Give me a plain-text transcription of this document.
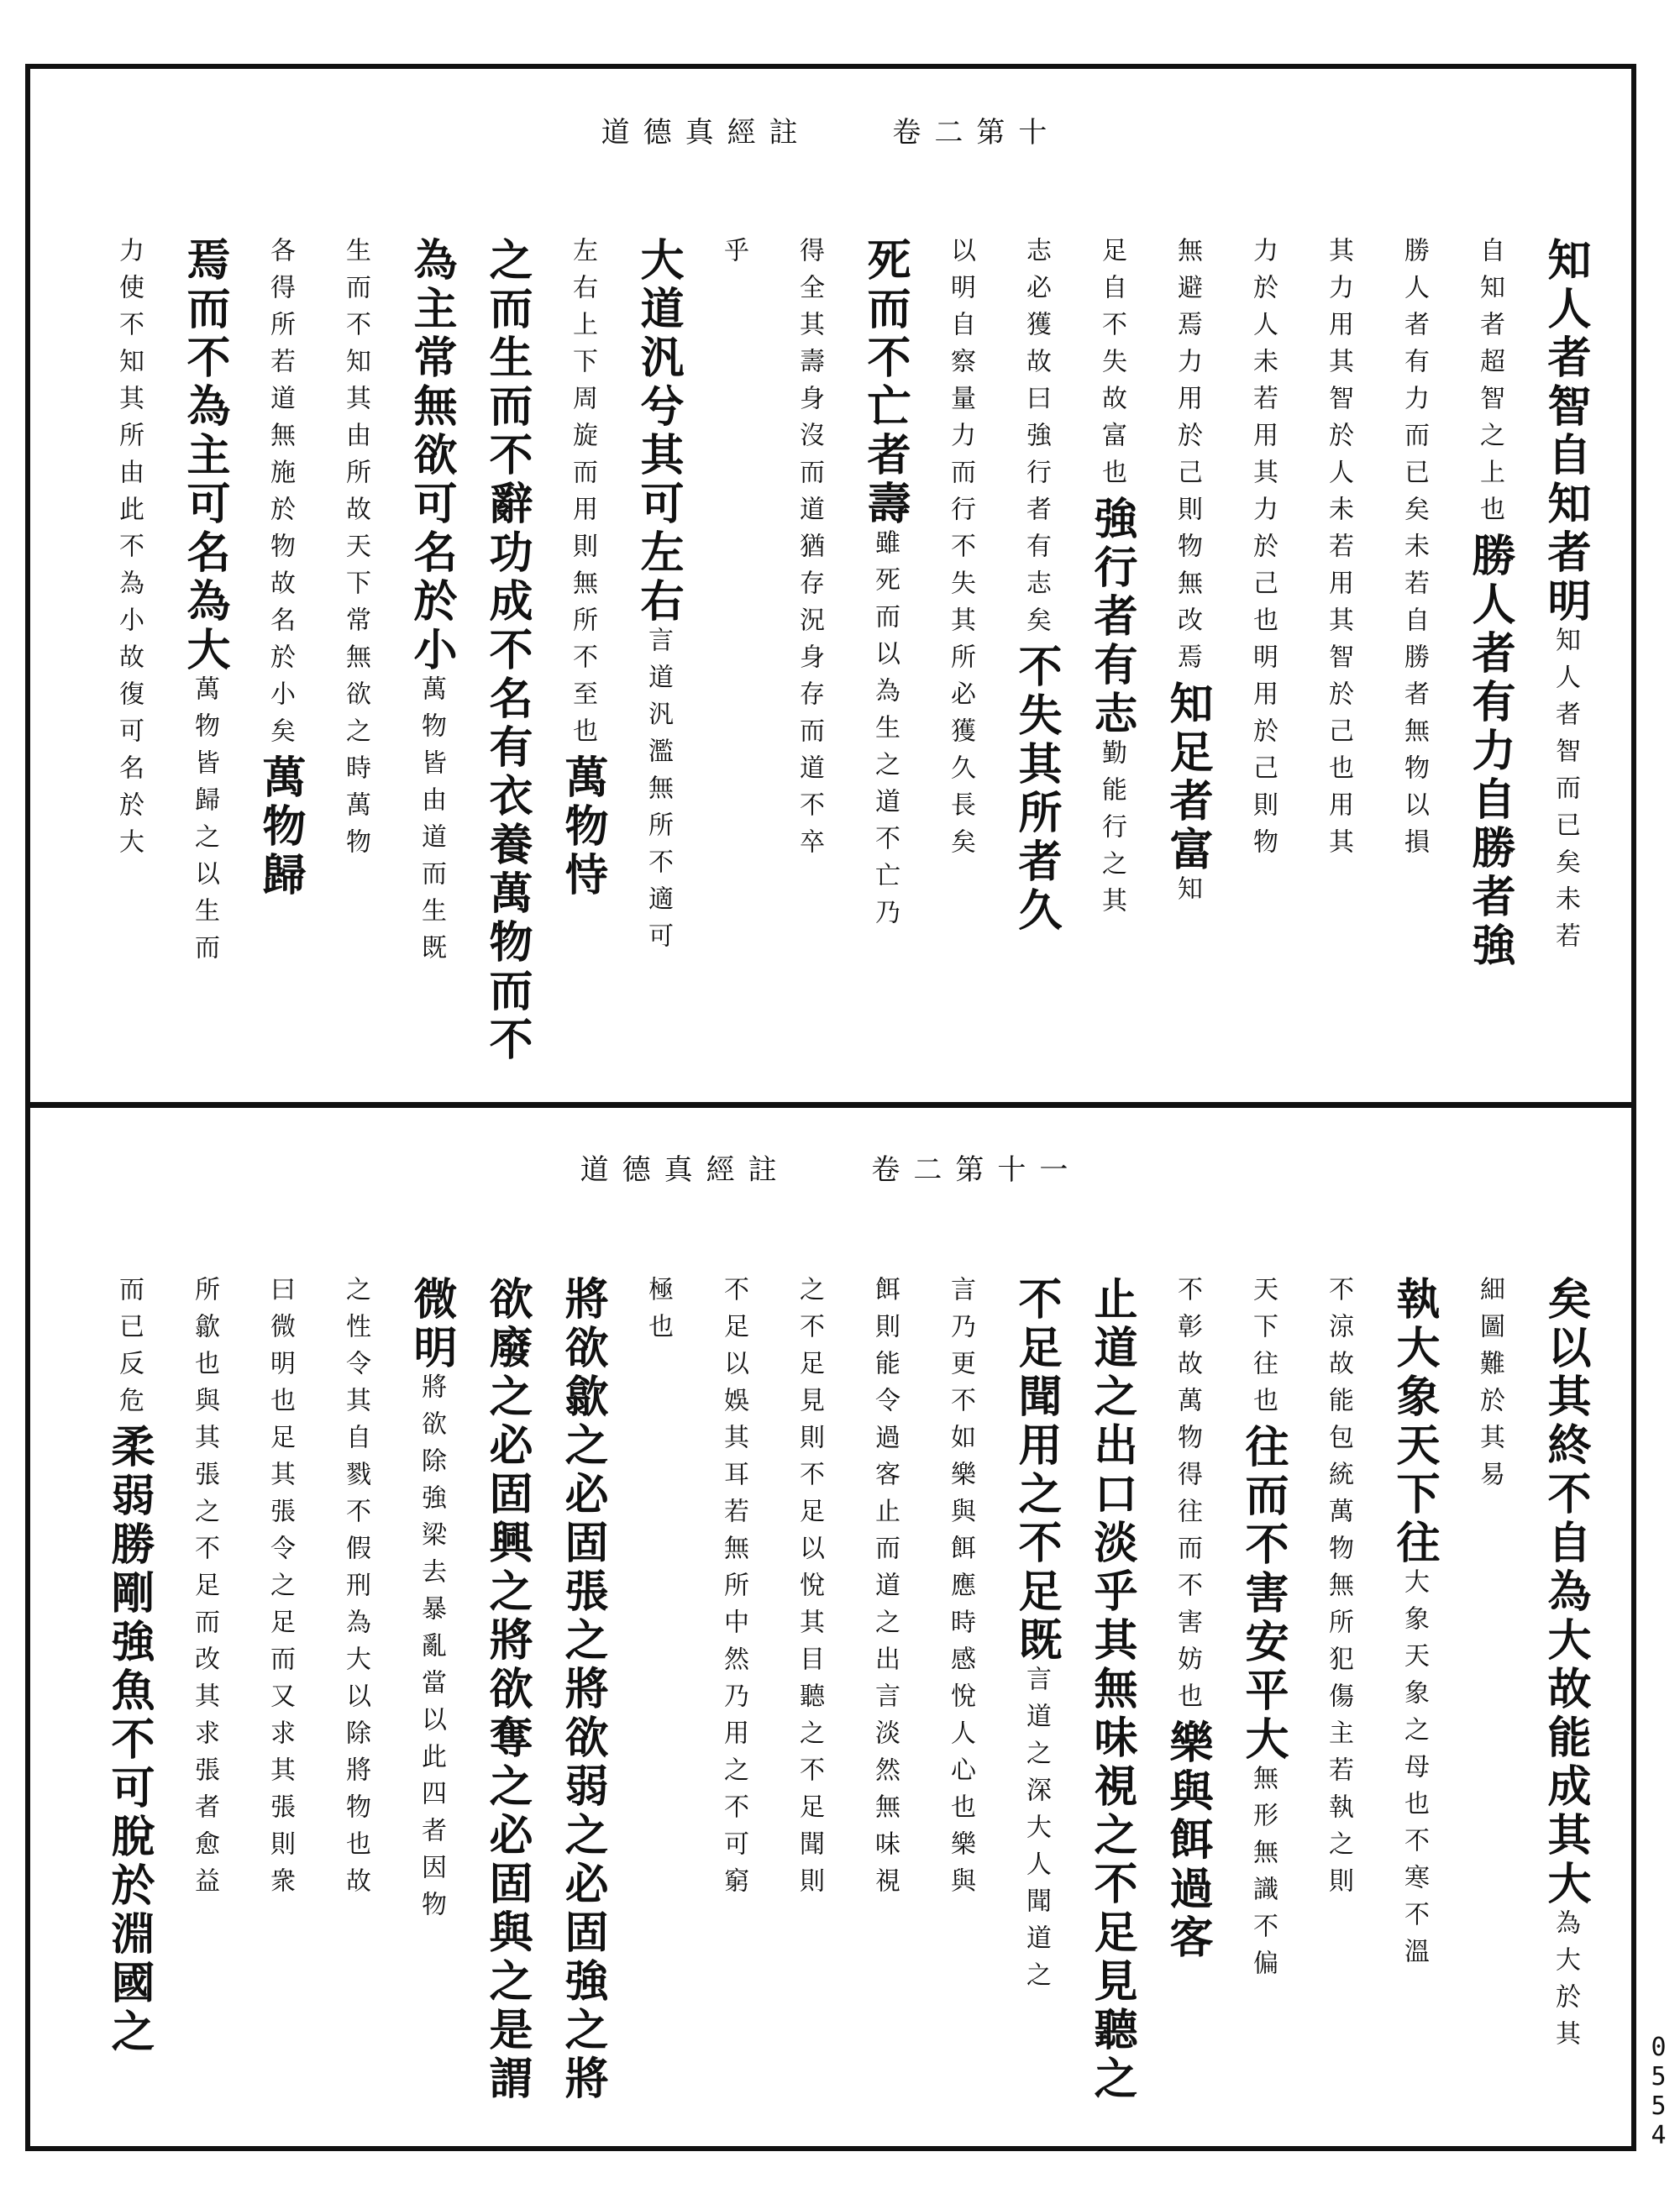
道德真經註	卷二第十
知人者智自知者明知人者智而已矣未若
自知者超智之上也勝人者有力自勝者強
勝人者有力而已矣未若自勝者無物以損
其力用其智於人未若用其智於己也用其
力於人未若用其力於己也明用於己則物
無避焉力用於己則物無改焉知足者富知
足自不失故富也強行者有志勤能行之其
志必獲故曰強行者有志矣不失其所者久
以明自察量力而行不失其所必獲久長矣
死而不亡者壽雖死而以為生之道不亡乃
得全其壽身沒而道猶存況身存而道不卒
乎
大道汎兮其可左右言道汎濫無所不適可
左右上下周旋而用則無所不至也萬物恃
之而生而不辭功成不名有衣養萬物而不
為主常無欲可名於小萬物皆由道而生既
生而不知其由所故天下常無欲之時萬物
各得所若道無施於物故名於小矣萬物歸
焉而不為主可名為大萬物皆歸之以生而
力使不知其所由此不為小故復可名於大
道德真經註	卷二第十一
矣以其終不自為大故能成其大為大於其
細圖難於其易
執大象天下往大象天象之母也不寒不溫
不涼故能包統萬物無所犯傷主若執之則
天下往也往而不害安平大無形無識不偏
不彰故萬物得往而不害妨也樂與餌過客
止道之出口淡乎其無味視之不足見聽之
不足聞用之不足既言道之深大人聞道之
言乃更不如樂與餌應時感悅人心也樂與
餌則能令過客止而道之出言淡然無味視
之不足見則不足以悅其目聽之不足聞則
不足以娛其耳若無所中然乃用之不可窮
極也
將欲歙之必固張之將欲弱之必固強之將
欲廢之必固興之將欲奪之必固與之是謂
微明將欲除強梁去暴亂當以此四者因物
之性令其自戮不假刑為大以除將物也故
曰微明也足其張令之足而又求其張則衆
所歙也與其張之不足而改其求張者愈益
而已反危柔弱勝剛強魚不可脫於淵國之
0554
